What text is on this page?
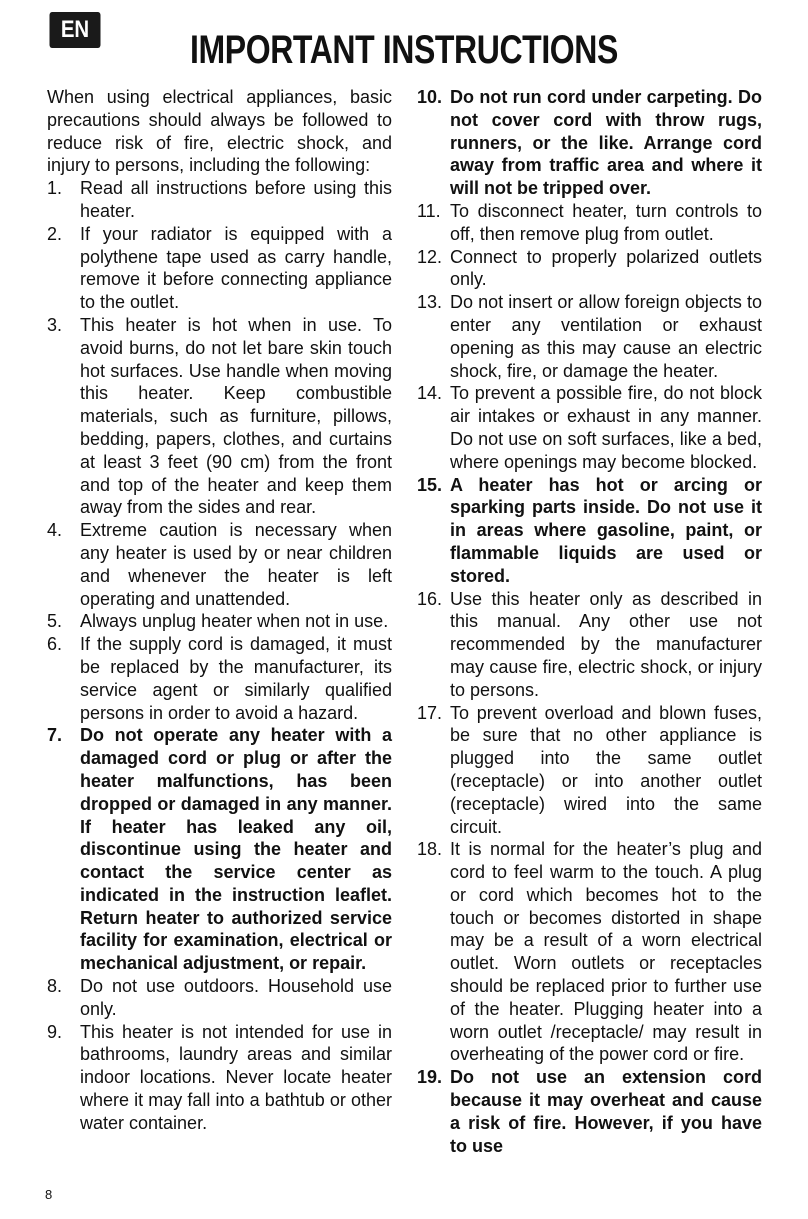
EN	IMPORTANT INSTRUCTIONS

When using electrical appliances, basic precautions should always be followed to reduce risk of fire, electric shock, and injury to persons, including the following:

1. Read all instructions before using this heater.
2. If your radiator is equipped with a polythene tape used as carry handle, remove it before connecting appliance to the outlet.
3. This heater is hot when in use. To avoid burns, do not let bare skin touch hot surfaces. Use handle when moving this heater. Keep combustible materials, such as furniture, pillows, bedding, papers, clothes, and curtains at least 3 feet (90 cm) from the front and top of the heater and keep them away from the sides and rear.
4. Extreme caution is necessary when any heater is used by or near children and whenever the heater is left operating and unattended.
5. Always unplug heater when not in use.
6. If the supply cord is damaged, it must be replaced by the manufacturer, its service agent or similarly qualified persons in order to avoid a hazard.
7. Do not operate any heater with a damaged cord or plug or after the heater malfunctions, has been dropped or damaged in any manner. If heater has leaked any oil, discontinue using the heater and contact the service center as indicated in the instruction leaflet. Return heater to authorized service facility for examination, electrical or mechanical adjustment, or repair.
8. Do not use outdoors. Household use only.
9. This heater is not intended for use in bathrooms, laundry areas and similar indoor locations. Never locate heater where it may fall into a bathtub or other water container.
10. Do not run cord under carpeting. Do not cover cord with throw rugs, runners, or the like. Arrange cord away from traffic area and where it will not be tripped over.
11. To disconnect heater, turn controls to off, then remove plug from outlet.
12. Connect to properly polarized outlets only.
13. Do not insert or allow foreign objects to enter any ventilation or exhaust opening as this may cause an electric shock, fire, or damage the heater.
14. To prevent a possible fire, do not block air intakes or exhaust in any manner. Do not use on soft surfaces, like a bed, where openings may become blocked.
15. A heater has hot or arcing or sparking parts inside. Do not use it in areas where gasoline, paint, or flammable liquids are used or stored.
16. Use this heater only as described in this manual. Any other use not recommended by the manufacturer may cause fire, electric shock, or injury to persons.
17. To prevent overload and blown fuses, be sure that no other appliance is plugged into the same outlet (receptacle) or into another outlet (receptacle) wired into the same circuit.
18. It is normal for the heater’s plug and cord to feel warm to the touch. A plug or cord which becomes hot to the touch or becomes distorted in shape may be a result of a worn electrical outlet. Worn outlets or receptacles should be replaced prior to further use of the heater. Plugging heater into a worn outlet /receptacle/ may result in overheating of the power cord or fire.
19. Do not use an extension cord because it may overheat and cause a risk of fire. However, if you have to use
8
